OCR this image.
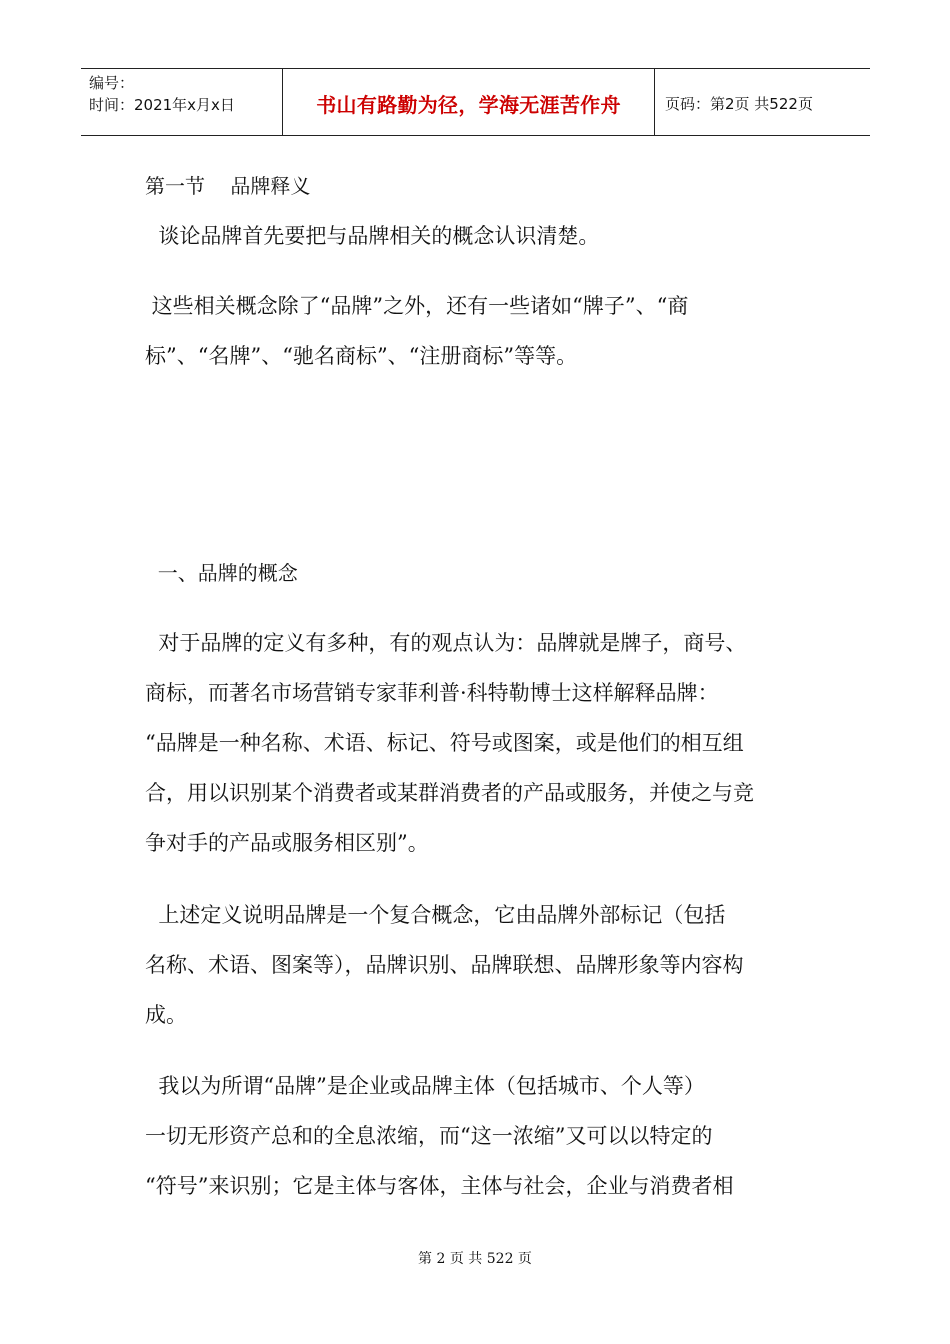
编号：
时间：2021年x月x日	书山有路勤为径，学海无涯苦作舟	页码：第2页 共522页
第一节    品牌释义
谈论品牌首先要把与品牌相关的概念认识清楚。
这些相关概念除了“品牌”之外，还有一些诸如“牌子”、“商
标”、“名牌”、“驰名商标”、“注册商标”等等。
一、品牌的概念
对于品牌的定义有多种，有的观点认为：品牌就是牌子，商号、
商标，而著名市场营销专家菲利普·科特勒博士这样解释品牌：
“品牌是一种名称、术语、标记、符号或图案，或是他们的相互组
合，用以识别某个消费者或某群消费者的产品或服务，并使之与竞
争对手的产品或服务相区别”。
上述定义说明品牌是一个复合概念，它由品牌外部标记（包括
名称、术语、图案等），品牌识别、品牌联想、品牌形象等内容构
成。
我以为所谓“品牌”是企业或品牌主体（包括城市、个人等）
一切无形资产总和的全息浓缩，而“这一浓缩”又可以以特定的
“符号”来识别；它是主体与客体，主体与社会，企业与消费者相
第 2 页 共 522 页
